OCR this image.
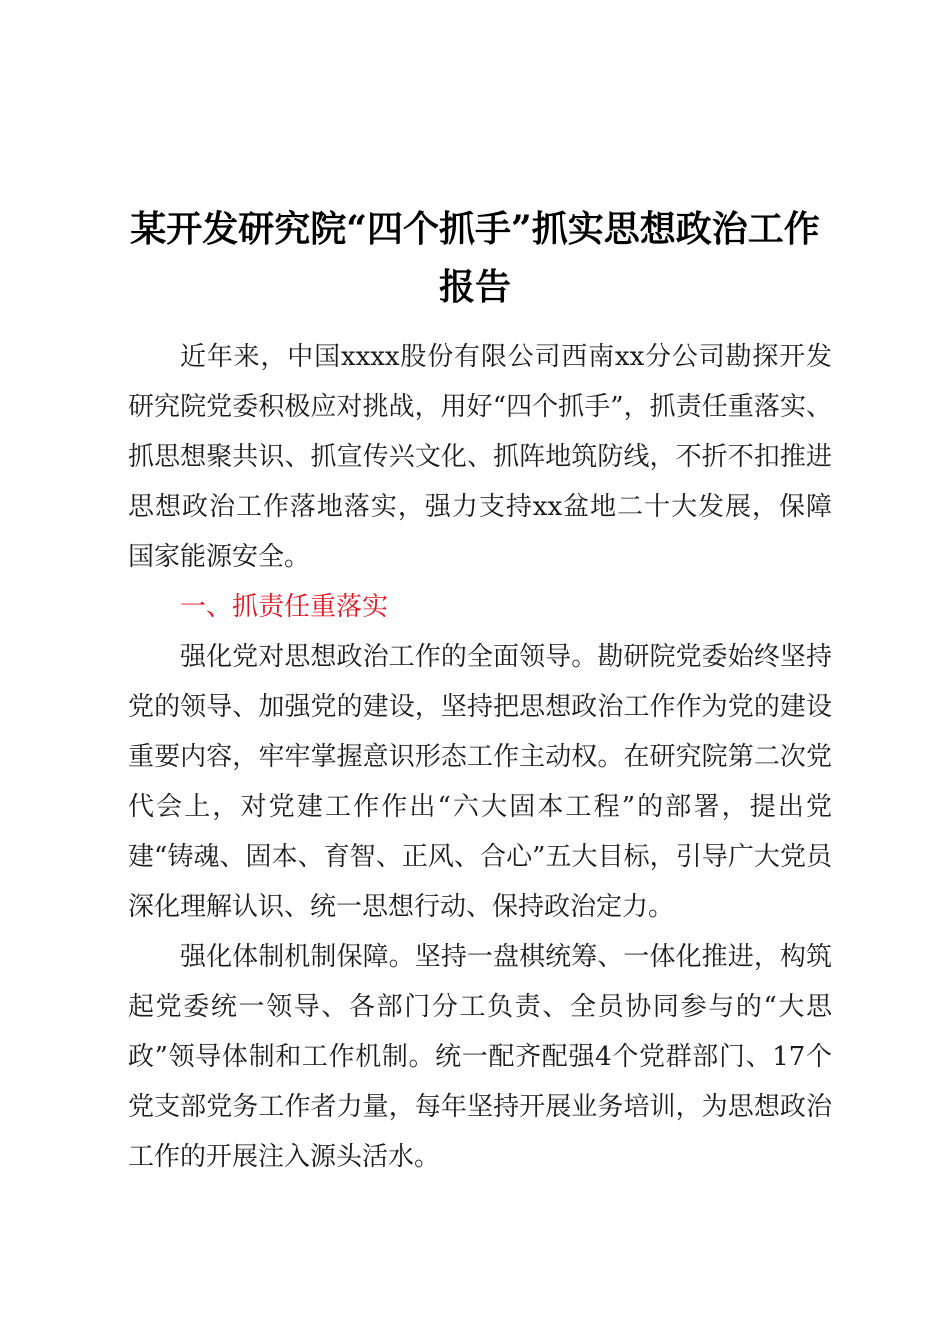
某开发研究院“四个抓手”抓实思想政治工作
报告

近年来，中国xxxx股份有限公司西南xx分公司勘探开发研究院党委积极应对挑战，用好“四个抓手”，抓责任重落实、抓思想聚共识、抓宣传兴文化、抓阵地筑防线，不折不扣推进思想政治工作落地落实，强力支持xx盆地二十大发展，保障国家能源安全。

一、抓责任重落实

强化党对思想政治工作的全面领导。勘研院党委始终坚持党的领导、加强党的建设，坚持把思想政治工作作为党的建设重要内容，牢牢掌握意识形态工作主动权。在研究院第二次党代会上，对党建工作作出“六大固本工程”的部署，提出党建“铸魂、固本、育智、正风、合心”五大目标，引导广大党员深化理解认识、统一思想行动、保持政治定力。

强化体制机制保障。坚持一盘棋统筹、一体化推进，构筑起党委统一领导、各部门分工负责、全员协同参与的“大思政”领导体制和工作机制。统一配齐配强4个党群部门、17个党支部党务工作者力量，每年坚持开展业务培训，为思想政治工作的开展注入源头活水。
